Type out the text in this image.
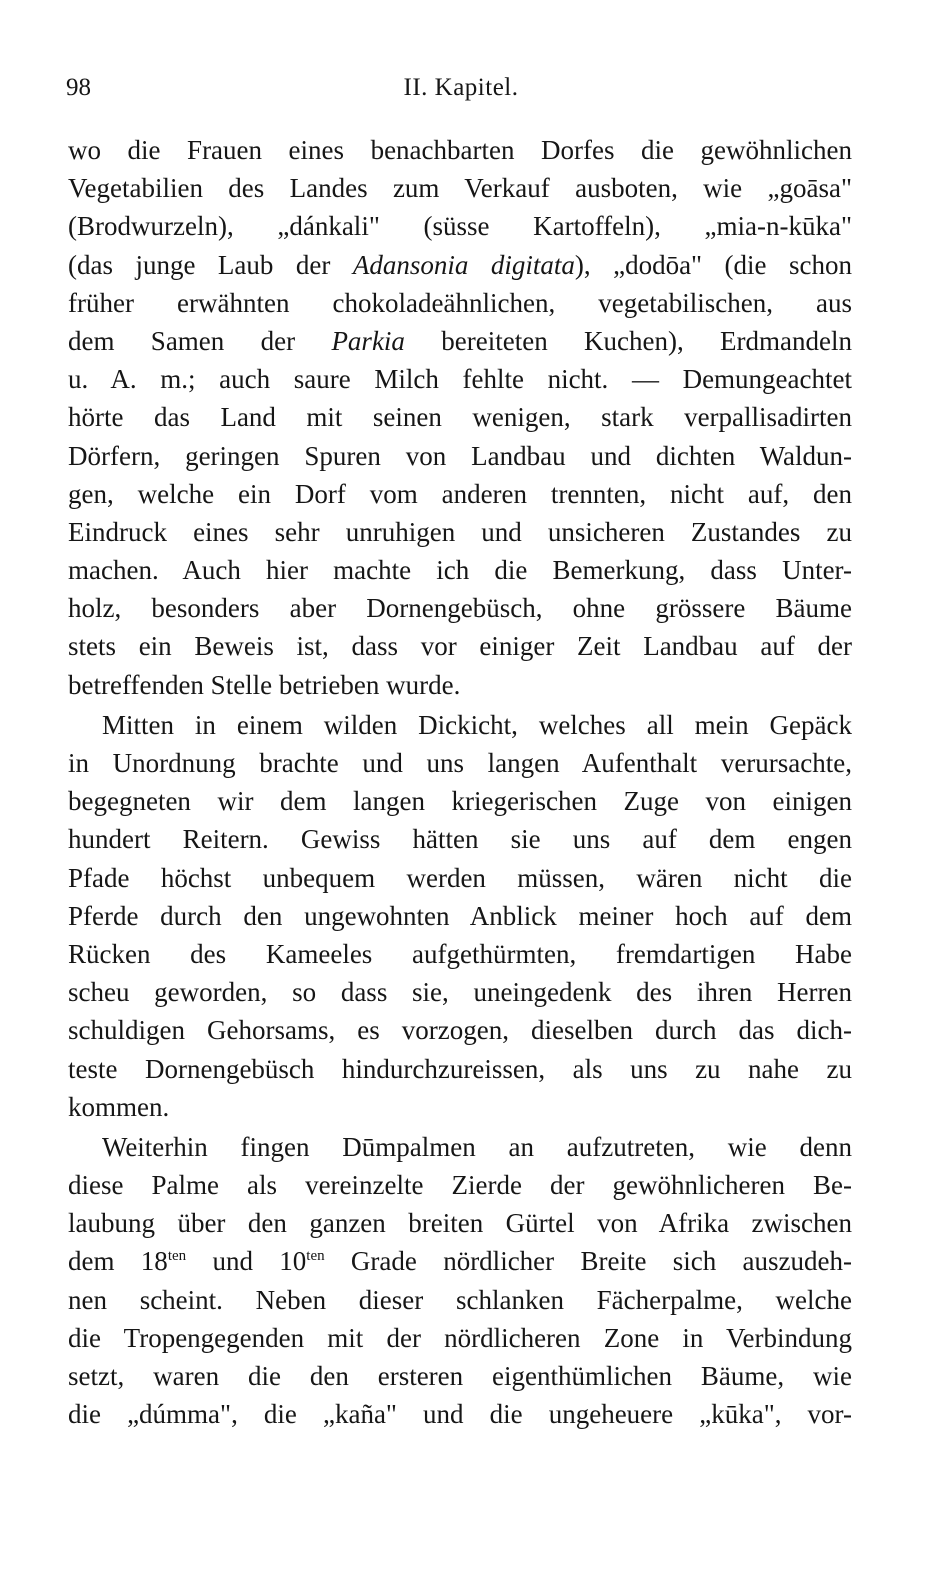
98	II. Kapitel.
wo die Frauen eines benachbarten Dorfes die gewöhnlichen
Vegetabilien des Landes zum Verkauf ausboten, wie „goāsa"
(Brodwurzeln), „dánkali" (süsse Kartoffeln), „mia-n-kūka"
(das junge Laub der Adansonia digitata), „dodōa" (die schon
früher erwähnten chokoladeähnlichen, vegetabilischen, aus
dem Samen der Parkia bereiteten Kuchen), Erdmandeln
u. A. m.; auch saure Milch fehlte nicht. — Demungeachtet
hörte das Land mit seinen wenigen, stark verpallisadirten
Dörfern, geringen Spuren von Landbau und dichten Waldun-
gen, welche ein Dorf vom anderen trennten, nicht auf, den
Eindruck eines sehr unruhigen und unsicheren Zustandes zu
machen. Auch hier machte ich die Bemerkung, dass Unter-
holz, besonders aber Dornengebüsch, ohne grössere Bäume
stets ein Beweis ist, dass vor einiger Zeit Landbau auf der
betreffenden Stelle betrieben wurde.
Mitten in einem wilden Dickicht, welches all mein Gepäck
in Unordnung brachte und uns langen Aufenthalt verursachte,
begegneten wir dem langen kriegerischen Zuge von einigen
hundert Reitern. Gewiss hätten sie uns auf dem engen
Pfade höchst unbequem werden müssen, wären nicht die
Pferde durch den ungewohnten Anblick meiner hoch auf dem
Rücken des Kameeles aufgethürmten, fremdartigen Habe
scheu geworden, so dass sie, uneingedenk des ihren Herren
schuldigen Gehorsams, es vorzogen, dieselben durch das dich-
teste Dornengebüsch hindurchzureissen, als uns zu nahe zu
kommen.
Weiterhin fingen Dūmpalmen an aufzutreten, wie denn
diese Palme als vereinzelte Zierde der gewöhnlicheren Be-
laubung über den ganzen breiten Gürtel von Afrika zwischen
dem $18^{ten}$ und $10^{ten}$ Grade nördlicher Breite sich auszudeh-
nen scheint. Neben dieser schlanken Fächerpalme, welche
die Tropengegenden mit der nördlicheren Zone in Verbindung
setzt, waren die den ersteren eigenthümlichen Bäume, wie
die „dúmma", die „kaña" und die ungeheuere „kūka", vor-
